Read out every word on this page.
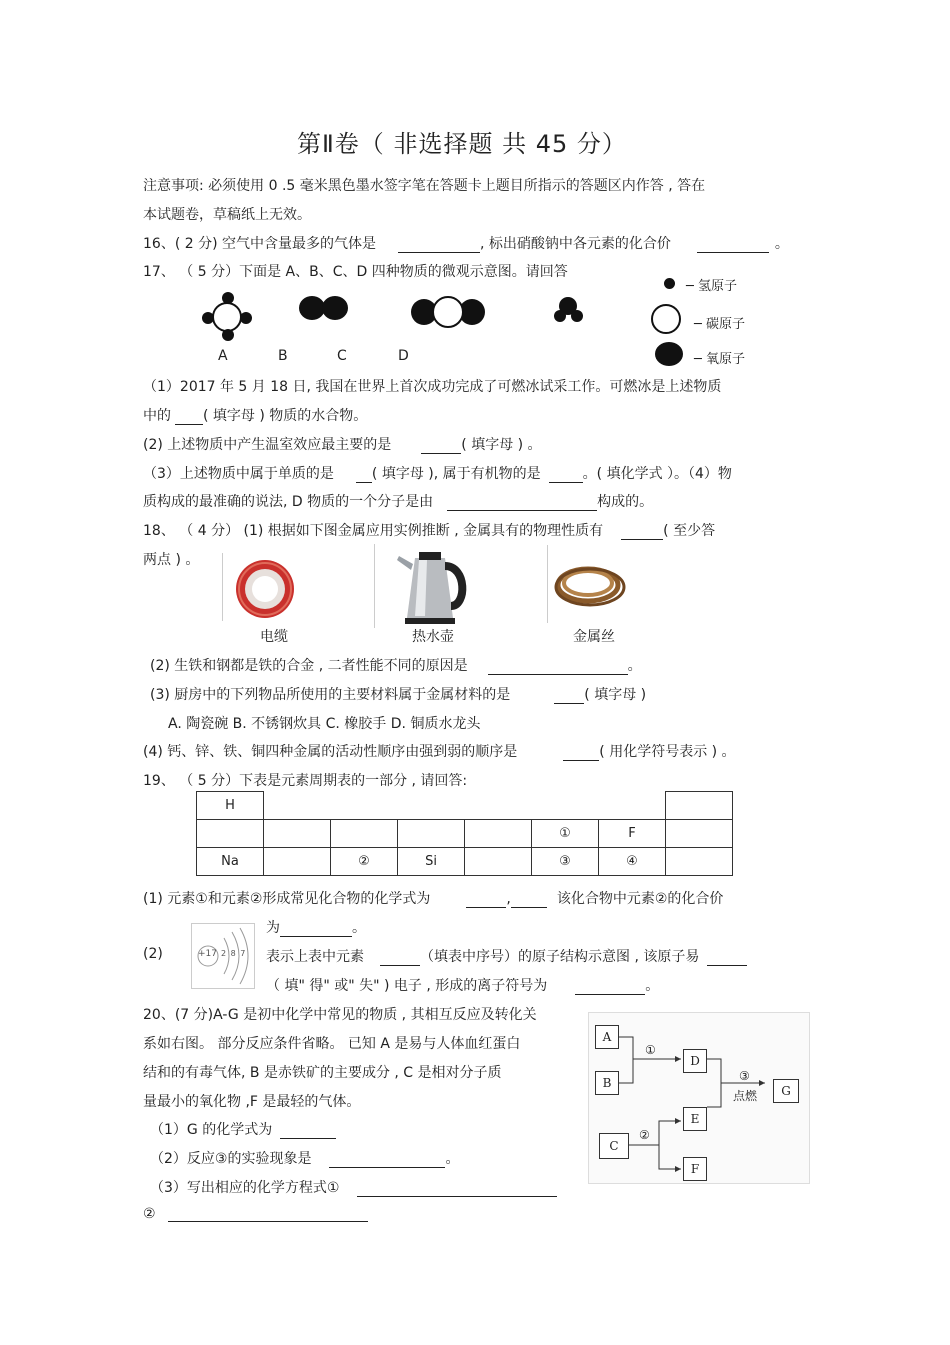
第Ⅱ卷（ 非选择题 共 45 分）
注意事项: 必须使用 0 .5 毫米黑色墨水签字笔在答题卡上题目所指示的答题区内作答 , 答在
本试题卷，草稿纸上无效。
16、( 2 分) 空气中含量最多的气体是	, 标出硝酸钠中各元素的化合价	。
17、 （ 5 分）下面是 A、B、C、D 四种物质的微观示意图。请回答
A	B	C	D
─ 氢原子
─ 碳原子
─ 氧原子
（1）2017 年 5 月 18 日, 我国在世界上首次成功完成了可燃冰试采工作。可燃冰是上述物质
中的 ( 填字母 ) 物质的水合物。
(2) 上述物质中产生温室效应最主要的是	( 填字母 ) 。
（3）上述物质中属于单质的是	( 填字母 ), 属于有机物的是	。( 填化学式 ）。（4）物
质构成的最准确的说法, D 物质的一个分子是由	构成的。
18、 （ 4 分） (1) 根据如下图金属应用实例推断 , 金属具有的物理性质有	( 至少答
两点 ) 。
电缆	热水壶	金属丝
(2) 生铁和钢都是铁的合金 , 二者性能不同的原因是	。
(3) 厨房中的下列物品所使用的主要材料属于金属材料的是	( 填字母 )
A. 陶瓷碗 B. 不锈钢炊具 C. 橡胶手 D. 铜质水龙头
(4) 钙、锌、铁、铜四种金属的活动性顺序由强到弱的顺序是	( 用化学符号表示 ) 。
19、 （ 5 分）下表是元素周期表的一部分 , 请回答:
H							
					①	F	
Na		②	Si		③	④	
(1) 元素①和元素②形成常见化合物的化学式为	,	该化合物中元素②的化合价
为	。
(2)	+17 2 8 7 表示上表中元素	（填表中序号）的原子结构示意图 , 该原子易
（ 填" 得" 或" 失" ) 电子 , 形成的离子符号为	。
20、(7 分)A-G 是初中化学中常见的物质 , 其相互反应及转化关
系如右图。 部分反应条件省略。 已知 A 是易与人体血红蛋白
结和的有毒气体, B 是赤铁矿的主要成分 , C 是相对分子质
量最小的氧化物 ,F 是最轻的气体。
（1）G 的化学式为
（2）反应③的实验现象是	。
（3）写出相应的化学方程式①
②
A
B
C
D
E
F
G
①
②
③
点燃
